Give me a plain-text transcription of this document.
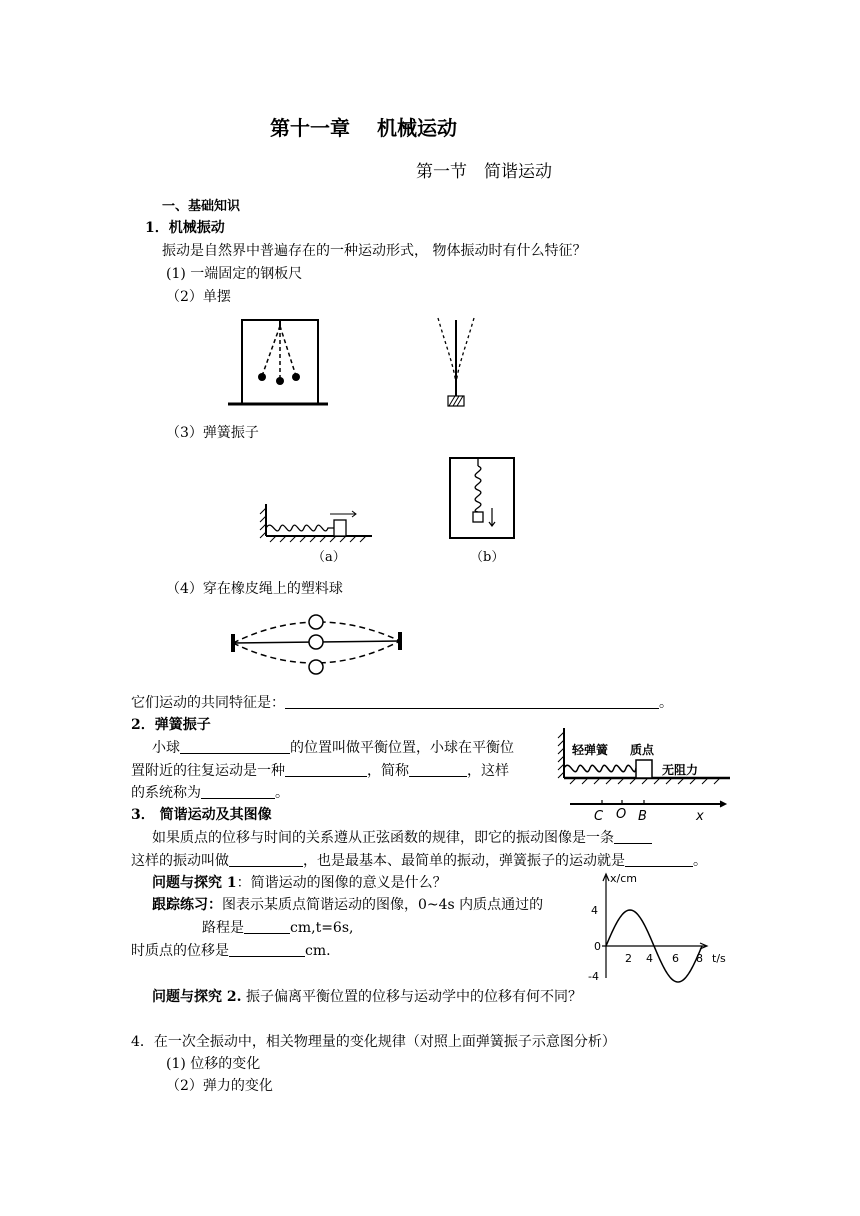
第十一章　 机械运动
第一节　简谐运动
一、基础知识
1．机械振动
振动是自然界中普遍存在的一种运动形式， 物体振动时有什么特征？
(1) 一端固定的钢板尺
（2）单摆
（3）弹簧振子
（a）	（b）
（4）穿在橡皮绳上的塑料球
它们运动的共同特征是：	。
2．弹簧振子
小球	的位置叫做平衡位置，小球在平衡位
置附近的往复运动是一种	，简称	，这样
的系统称为	。
轻弹簧 质点
无阻力
C O B	x
3． 简谐运动及其图像
如果质点的位移与时间的关系遵从正弦函数的规律，即它的振动图像是一条
这样的振动叫做	，也是最基本、最简单的振动，弹簧振子的运动就是	。
问题与探究 1：简谐运动的图像的意义是什么？
跟踪练习：图表示某质点简谐运动的图像，0~4s 内质点通过的
路程是	cm,t=6s,
时质点的位移是	cm.
x/cm
t/s
4
0
-4
2 4 6 8
问题与探究 2. 振子偏离平衡位置的位移与运动学中的位移有何不同？
4．在一次全振动中，相关物理量的变化规律（对照上面弹簧振子示意图分析）
(1) 位移的变化
（2）弹力的变化
